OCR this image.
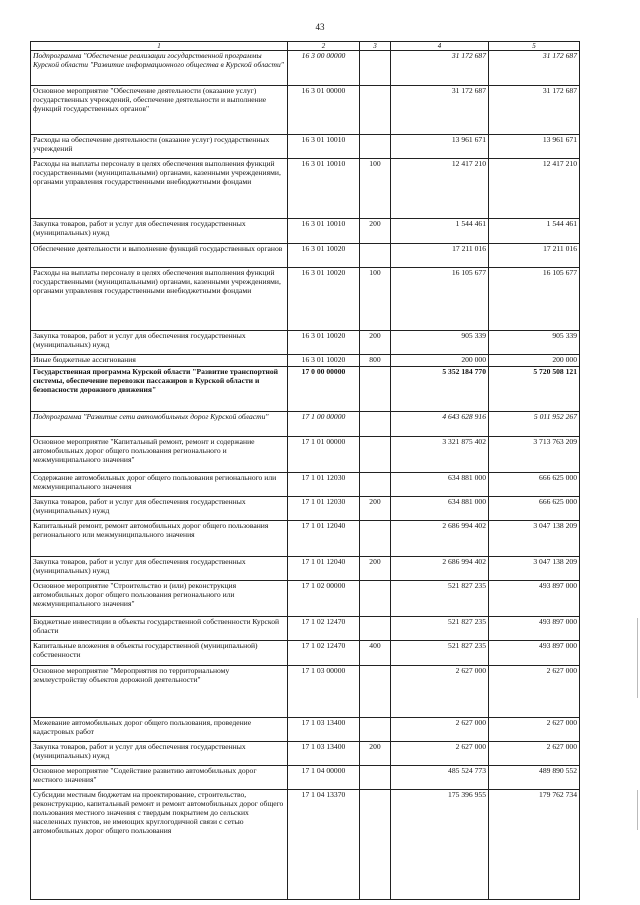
43
1	2	3	4	5
Подпрограмма "Обеспечение реализации государственной программы Курской области "Развитие информационного общества в Курской области"	16 3 00 00000		31 172 687	31 172 687
Основное мероприятие "Обеспечение деятельности (оказание услуг) государственных учреждений, обеспечение деятельности и выполнение функций государственных органов"	16 3 01 00000		31 172 687	31 172 687
Расходы на обеспечение деятельности (оказание услуг) государственных учреждений	16 3 01 10010		13 961 671	13 961 671
Расходы на выплаты персоналу в целях обеспечения выполнения функций государственными (муниципальными) органами, казенными учреждениями, органами управления государственными внебюджетными фондами	16 3 01 10010	100	12 417 210	12 417 210
Закупка товаров, работ и услуг для обеспечения государственных (муниципальных) нужд	16 3 01 10010	200	1 544 461	1 544 461
Обеспечение деятельности и выполнение функций государственных органов	16 3 01 10020		17 211 016	17 211 016
Расходы на выплаты персоналу в целях обеспечения выполнения функций государственными (муниципальными) органами, казенными учреждениями, органами управления государственными внебюджетными фондами	16 3 01 10020	100	16 105 677	16 105 677
Закупка товаров, работ и услуг для обеспечения государственных (муниципальных) нужд	16 3 01 10020	200	905 339	905 339
Иные бюджетные ассигнования	16 3 01 10020	800	200 000	200 000
Государственная программа Курской области "Развитие транспортной системы, обеспечение перевозки пассажиров в Курской области и безопасности дорожного движения"	17 0 00 00000		5 352 184 770	5 720 508 121
Подпрограмма "Развитие сети автомобильных дорог Курской области"	17 1 00 00000		4 643 628 916	5 011 952 267
Основное мероприятие "Капитальный ремонт, ремонт и содержание автомобильных дорог общего пользования регионального и межмуниципального значения"	17 1 01 00000		3 321 875 402	3 713 763 209
Содержание автомобильных дорог общего пользования регионального или межмуниципального значения	17 1 01 12030		634 881 000	666 625 000
Закупка товаров, работ и услуг для обеспечения государственных (муниципальных) нужд	17 1 01 12030	200	634 881 000	666 625 000
Капитальный ремонт, ремонт автомобильных дорог общего пользования регионального или межмуниципального значения	17 1 01 12040		2 686 994 402	3 047 138 209
Закупка товаров, работ и услуг для обеспечения государственных (муниципальных) нужд	17 1 01 12040	200	2 686 994 402	3 047 138 209
Основное мероприятие "Строительство и (или) реконструкция автомобильных дорог общего пользования регионального или межмуниципального значения"	17 1 02 00000		521 827 235	493 897 000
Бюджетные инвестиции в объекты государственной собственности Курской области	17 1 02 12470		521 827 235	493 897 000
Капитальные вложения в объекты государственной (муниципальной) собственности	17 1 02 12470	400	521 827 235	493 897 000
Основное мероприятие "Мероприятия по территориальному землеустройству объектов дорожной деятельности"	17 1 03 00000		2 627 000	2 627 000
Межевание автомобильных дорог общего пользования, проведение кадастровых работ	17 1 03 13400		2 627 000	2 627 000
Закупка товаров, работ и услуг для обеспечения государственных (муниципальных) нужд	17 1 03 13400	200	2 627 000	2 627 000
Основное мероприятие "Содействие развитию автомобильных дорог местного значения"	17 1 04 00000		485 524 773	489 890 552
Субсидии местным бюджетам на проектирование, строительство, реконструкцию, капитальный ремонт и ремонт автомобильных дорог общего пользования местного значения с твердым покрытием до сельских населенных пунктов, не имеющих круглогодичной связи с сетью автомобильных дорог общего пользования	17 1 04 13370		175 396 955	179 762 734
